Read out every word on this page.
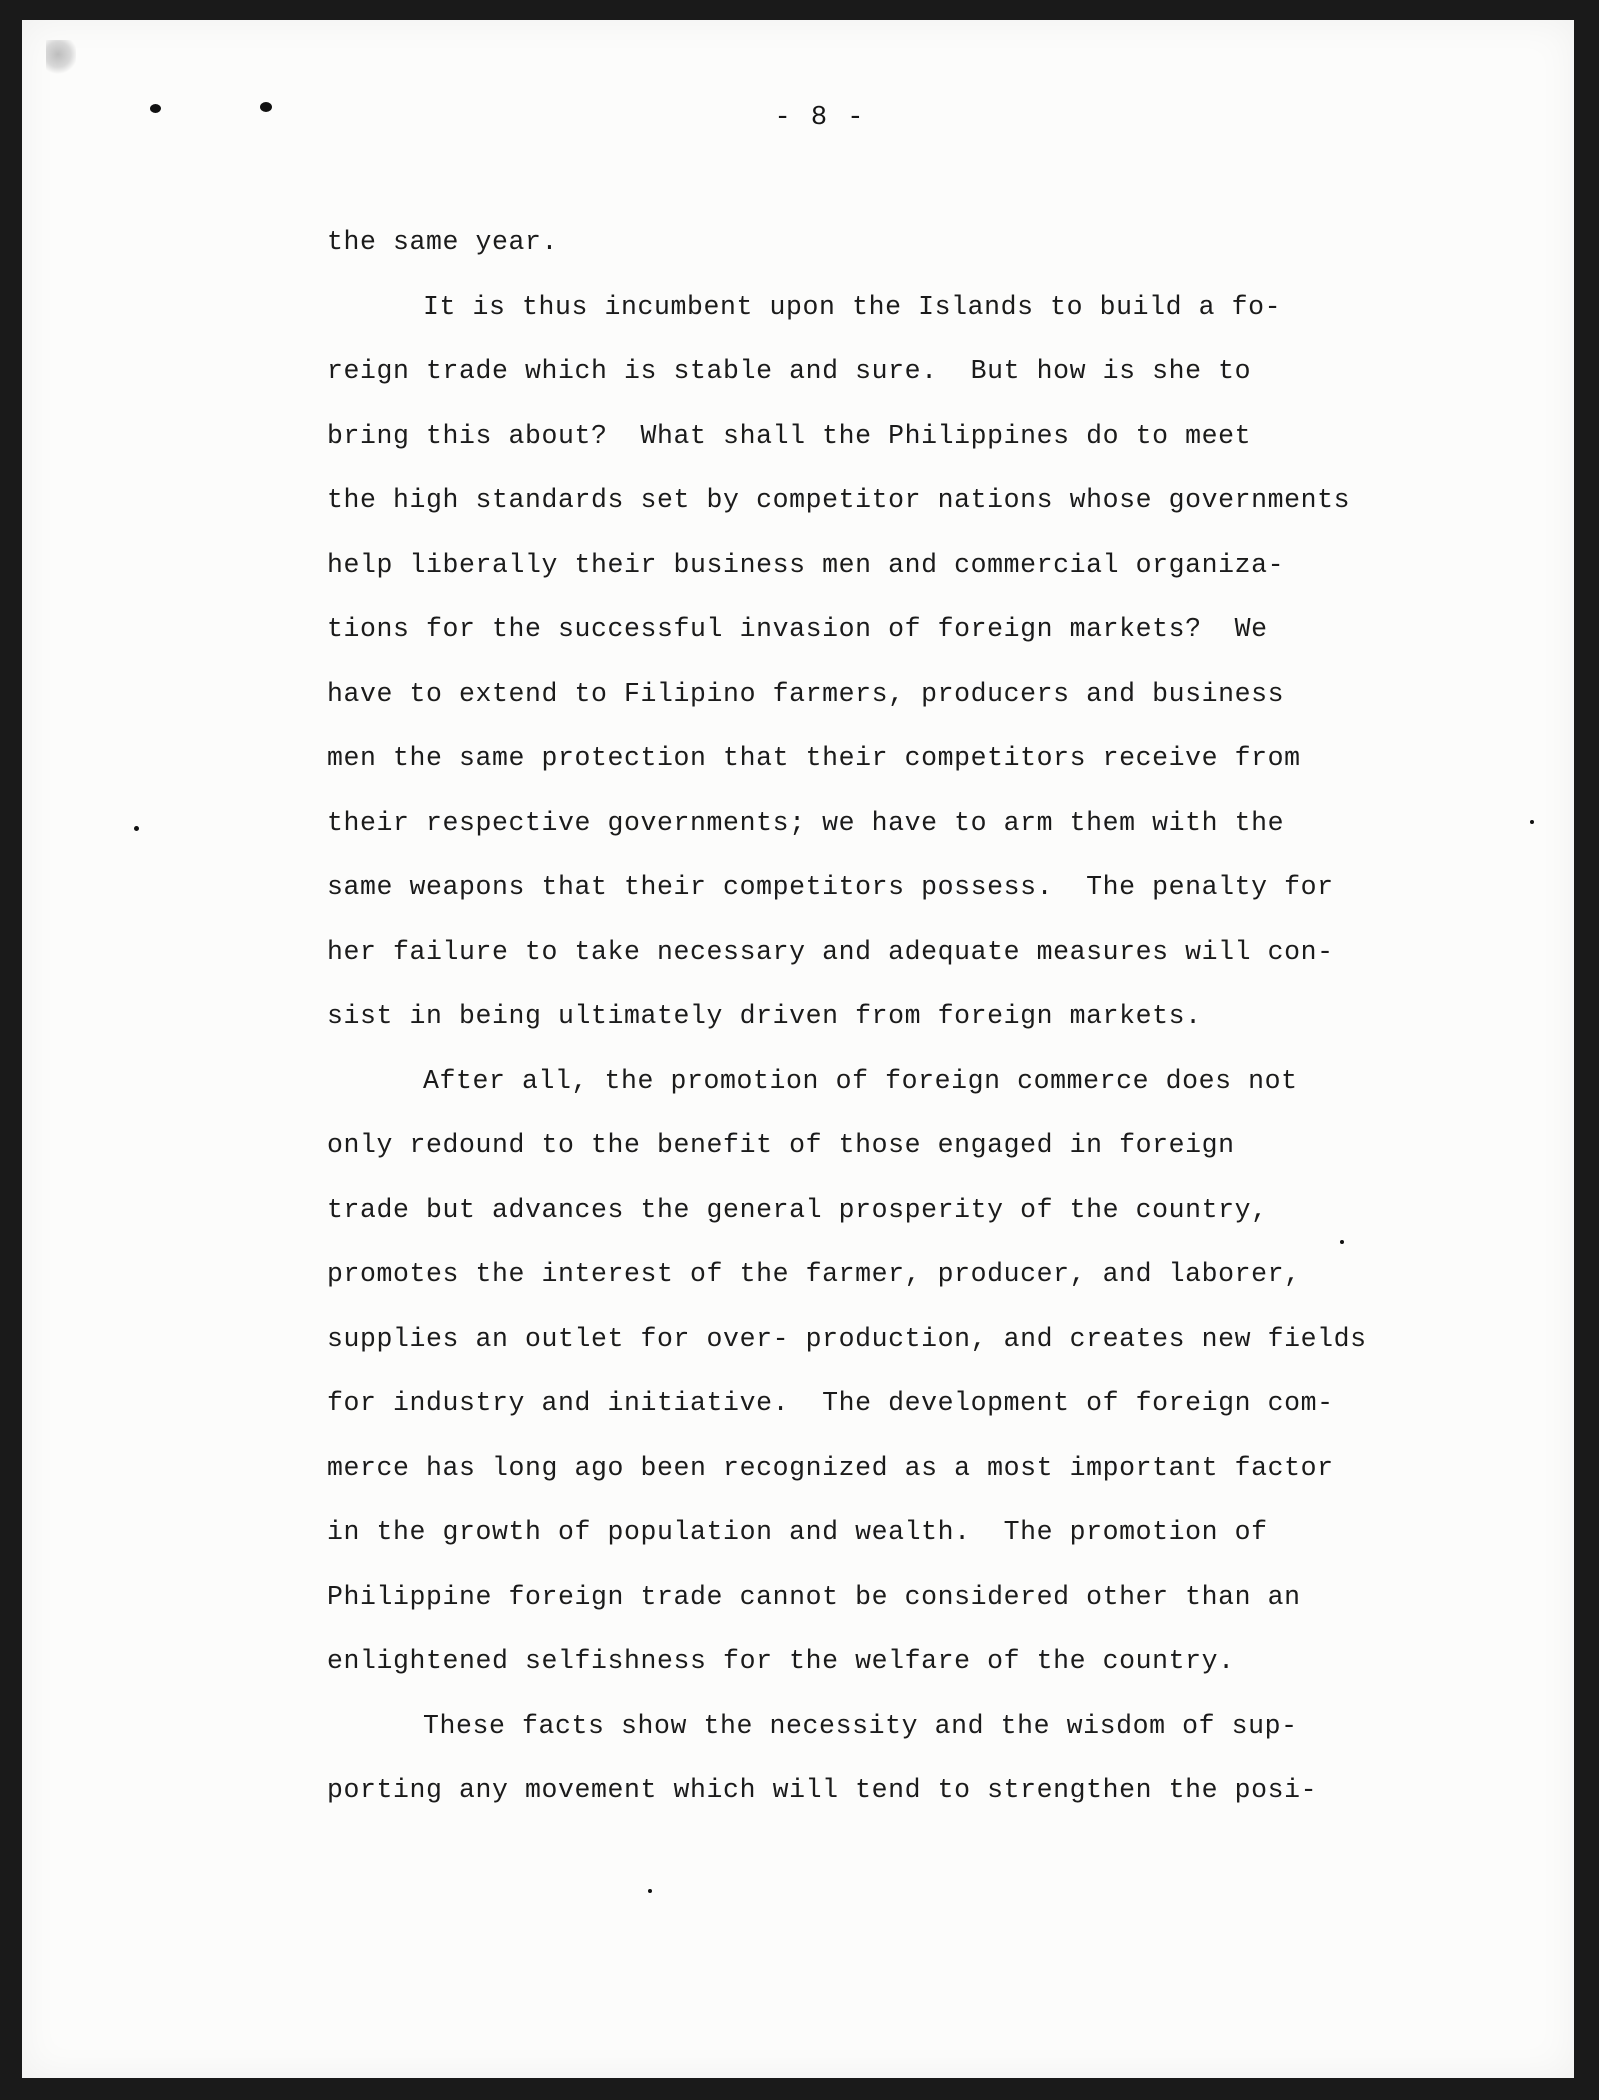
- 8 -
the same year.
It is thus incumbent upon the Islands to build a fo-
reign trade which is stable and sure.  But how is she to
bring this about?  What shall the Philippines do to meet
the high standards set by competitor nations whose governments
help liberally their business men and commercial organiza-
tions for the successful invasion of foreign markets?  We
have to extend to Filipino farmers, producers and business
men the same protection that their competitors receive from
their respective governments; we have to arm them with the
same weapons that their competitors possess.  The penalty for
her failure to take necessary and adequate measures will con-
sist in being ultimately driven from foreign markets.
After all, the promotion of foreign commerce does not
only redound to the benefit of those engaged in foreign
trade but advances the general prosperity of the country,
promotes the interest of the farmer, producer, and laborer,
supplies an outlet for over- production, and creates new fields
for industry and initiative.  The development of foreign com-
merce has long ago been recognized as a most important factor
in the growth of population and wealth.  The promotion of
Philippine foreign trade cannot be considered other than an
enlightened selfishness for the welfare of the country.
These facts show the necessity and the wisdom of sup-
porting any movement which will tend to strengthen the posi-
